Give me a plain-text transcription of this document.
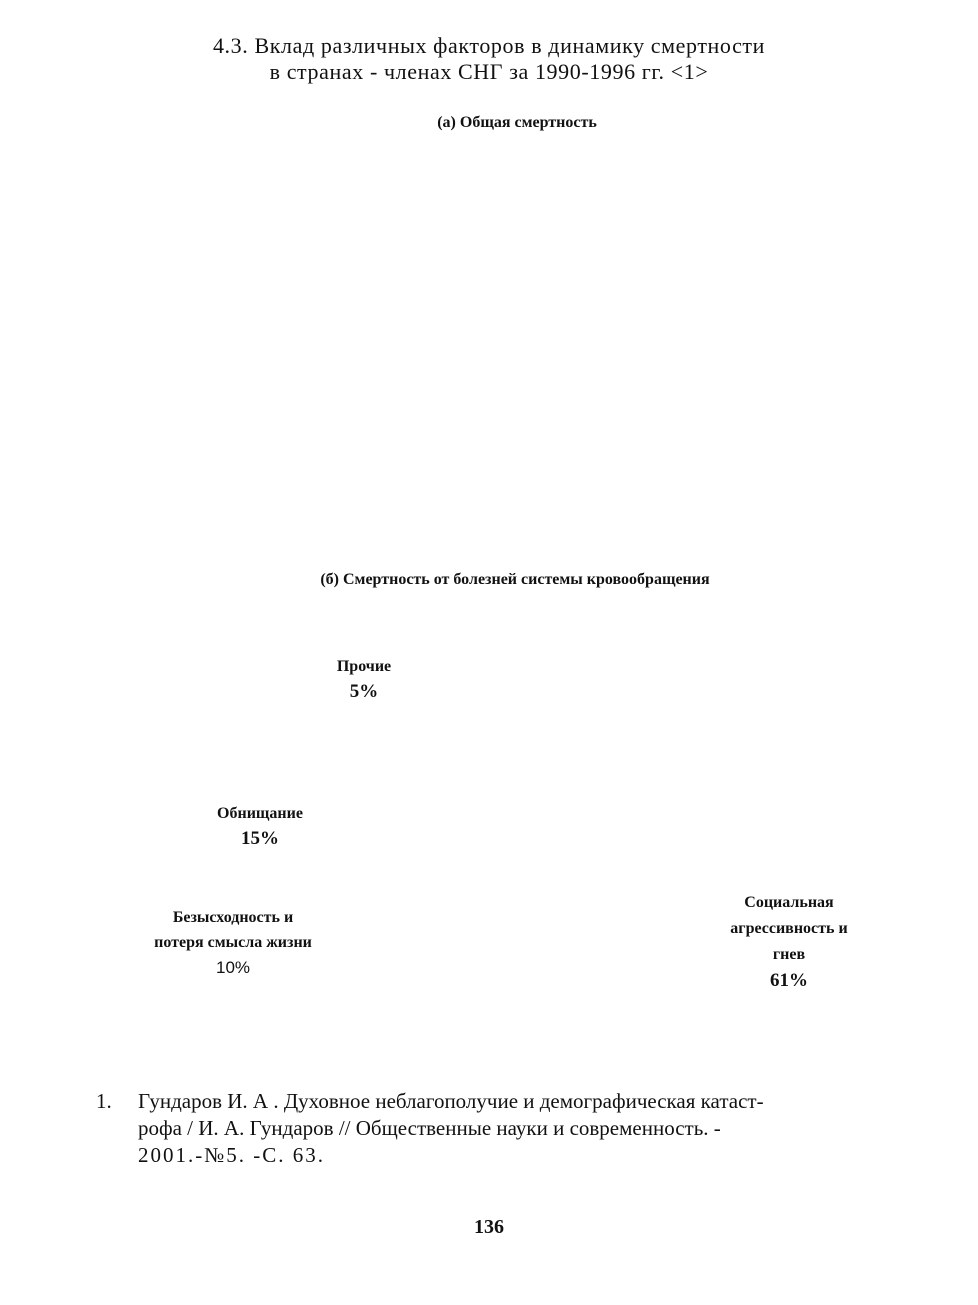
4.3. Вклад различных факторов в динамику смертности
в странах - членах СНГ за 1990-1996 гг. <1>
(а) Общая смертность
(б) Смертность от болезней системы кровообращения
Прочие
5%
Обнищание
15%
Безысходность и
потеря смысла жизни
10%
Социальная
агрессивность и
гнев
61%
1. Гундаров И. А . Духовное неблагополучие и демографическая катаст-
рофа / И. А. Гундаров // Общественные науки и современность. -
2001.-№5. -С. 63.
136
